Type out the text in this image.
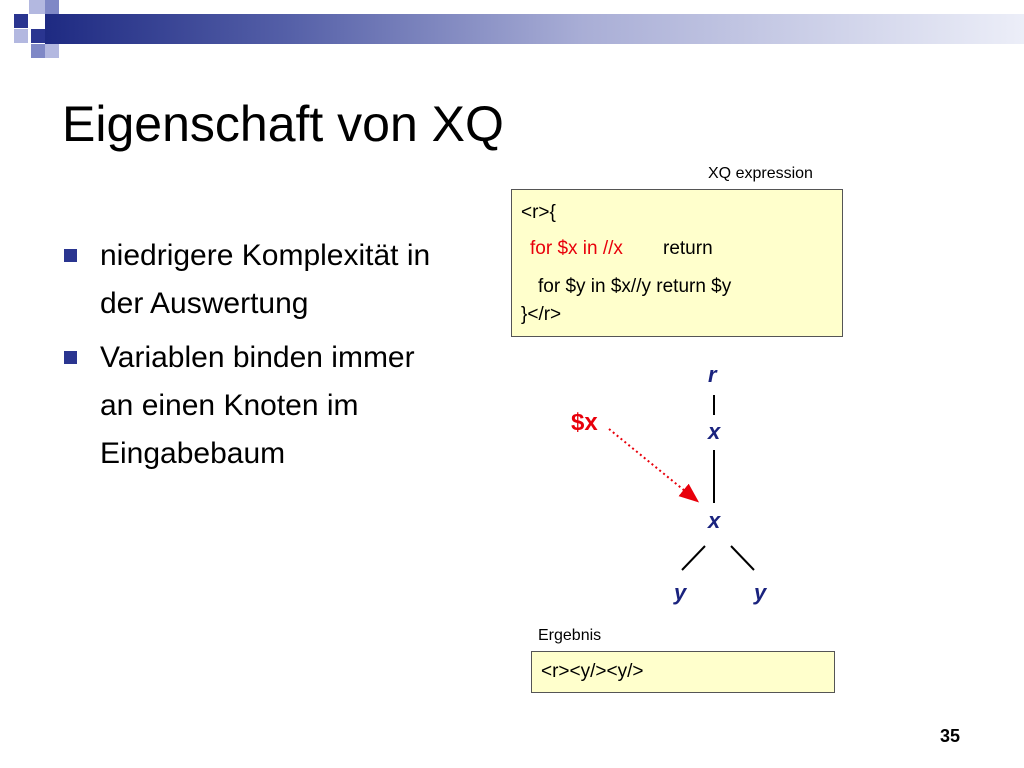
Eigenschaft von XQ
niedrigere Komplexität in der Auswertung
Variablen binden immer an einen Knoten im Eingabebaum
XQ expression
<r>{
for $x in //x return
for $y in $x//y return $y
}</r>
r
x
x
y	y
$x
Ergebnis
<r><y/><y/>
35
